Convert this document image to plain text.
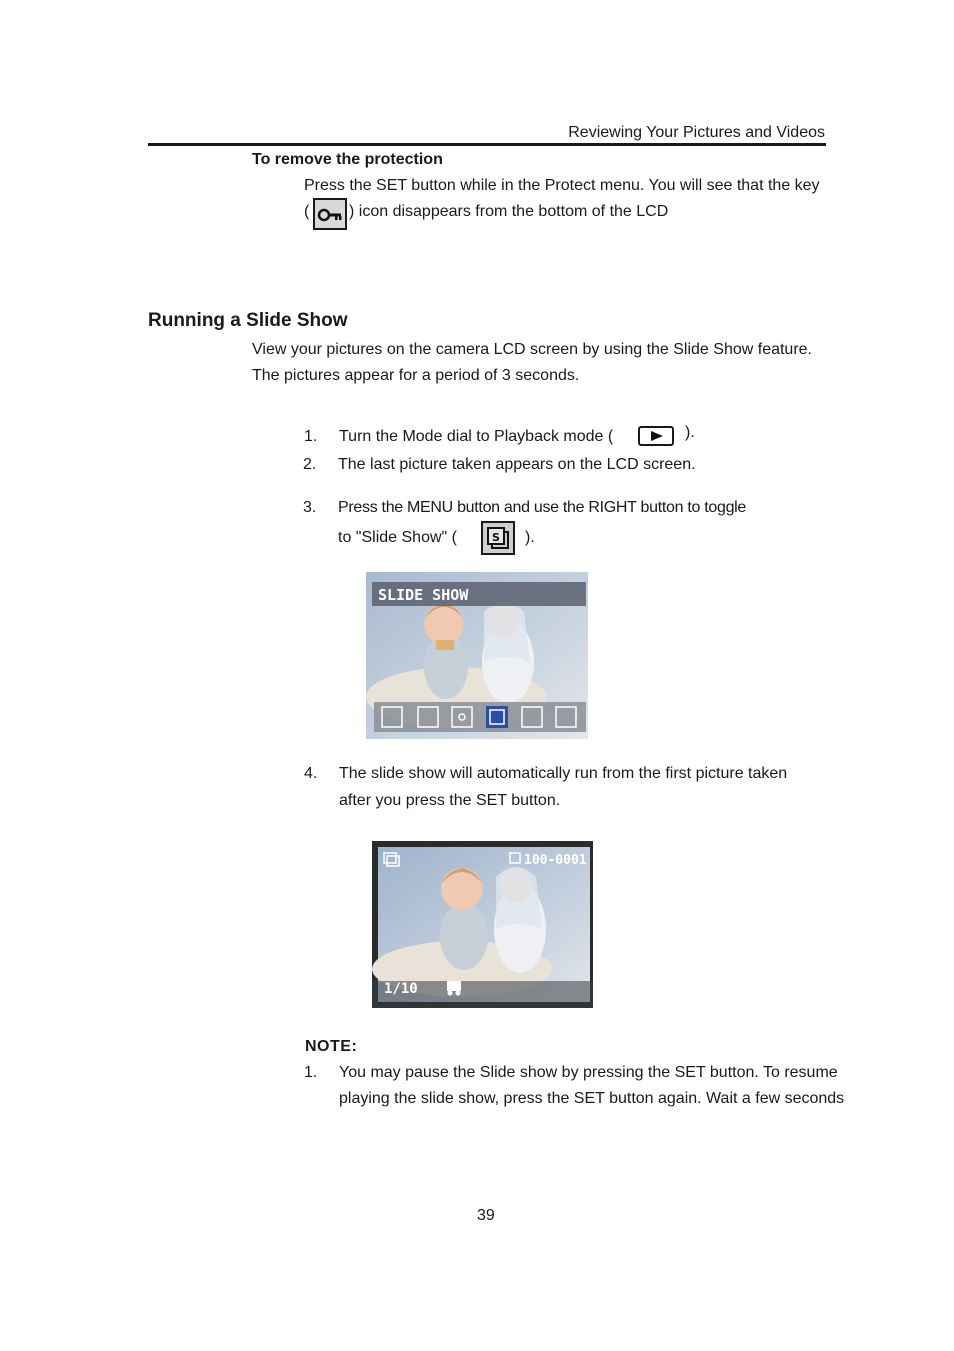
Reviewing Your Pictures and Videos
To remove the protection
Press the SET button while in the Protect menu. You will see that the key
( ) icon disappears from the bottom of the LCD
Running a Slide Show
View your pictures on the camera LCD screen by using the Slide Show feature.
The pictures appear for a period of 3 seconds.
1.	Turn the Mode dial to Playback mode (	).
2.	The last picture taken appears on the LCD screen.
3.	Press the MENU button and use the RIGHT button to toggle
to "Slide Show" (	S ).
SLIDE SHOW
4.	The slide show will automatically run from the first picture taken
after you press the SET button.
100-0001
1/10
NOTE:
1.	You may pause the Slide show by pressing the SET button. To resume
playing the slide show, press the SET button again. Wait a few seconds
39
